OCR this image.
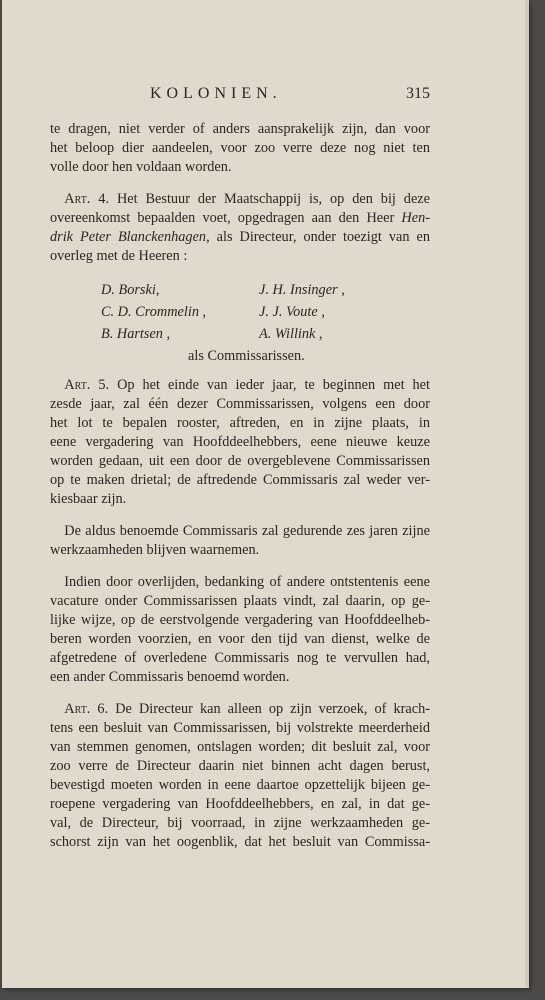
KOLONIEN.	315

te dragen, niet verder of anders aansprakelijk zijn, dan voor
het beloop dier aandeelen, voor zoo verre deze nog niet ten
volle door hen voldaan worden.

 Art. 4. Het Bestuur der Maatschappij is, op den bij deze
overeenkomst bepaalden voet, opgedragen aan den Heer Hen-
drik Peter Blanckenhagen, als Directeur, onder toezigt van en
overleg met de Heeren :

D. Borski,	J. H. Insinger ,
C. D. Crommelin ,	J. J. Voute ,
B. Hartsen ,	A. Willink ,
als Commissarissen.

 Art. 5. Op het einde van ieder jaar, te beginnen met het
zesde jaar, zal één dezer Commissarissen, volgens een door
het lot te bepalen rooster, aftreden, en in zijne plaats, in
eene vergadering van Hoofddeelhebbers, eene nieuwe keuze
worden gedaan, uit een door de overgeblevene Commissarissen
op te maken drietal; de aftredende Commissaris zal weder ver-
kiesbaar zijn.

 De aldus benoemde Commissaris zal gedurende zes jaren zijne
werkzaamheden blijven waarnemen.

 Indien door overlijden, bedanking of andere ontstentenis eene
vacature onder Commissarissen plaats vindt, zal daarin, op ge-
lijke wijze, op de eerstvolgende vergadering van Hoofddeelheb-
beren worden voorzien, en voor den tijd van dienst, welke de
afgetredene of overledene Commissaris nog te vervullen had,
een ander Commissaris benoemd worden.

 Art. 6. De Directeur kan alleen op zijn verzoek, of krach-
tens een besluit van Commissarissen, bij volstrekte meerderheid
van stemmen genomen, ontslagen worden; dit besluit zal, voor
zoo verre de Directeur daarin niet binnen acht dagen berust,
bevestigd moeten worden in eene daartoe opzettelijk bijeen ge-
roepene vergadering van Hoofddeelhebbers, en zal, in dat ge-
val, de Directeur, bij voorraad, in zijne werkzaamheden ge-
schorst zijn van het oogenblik, dat het besluit van Commissa-
